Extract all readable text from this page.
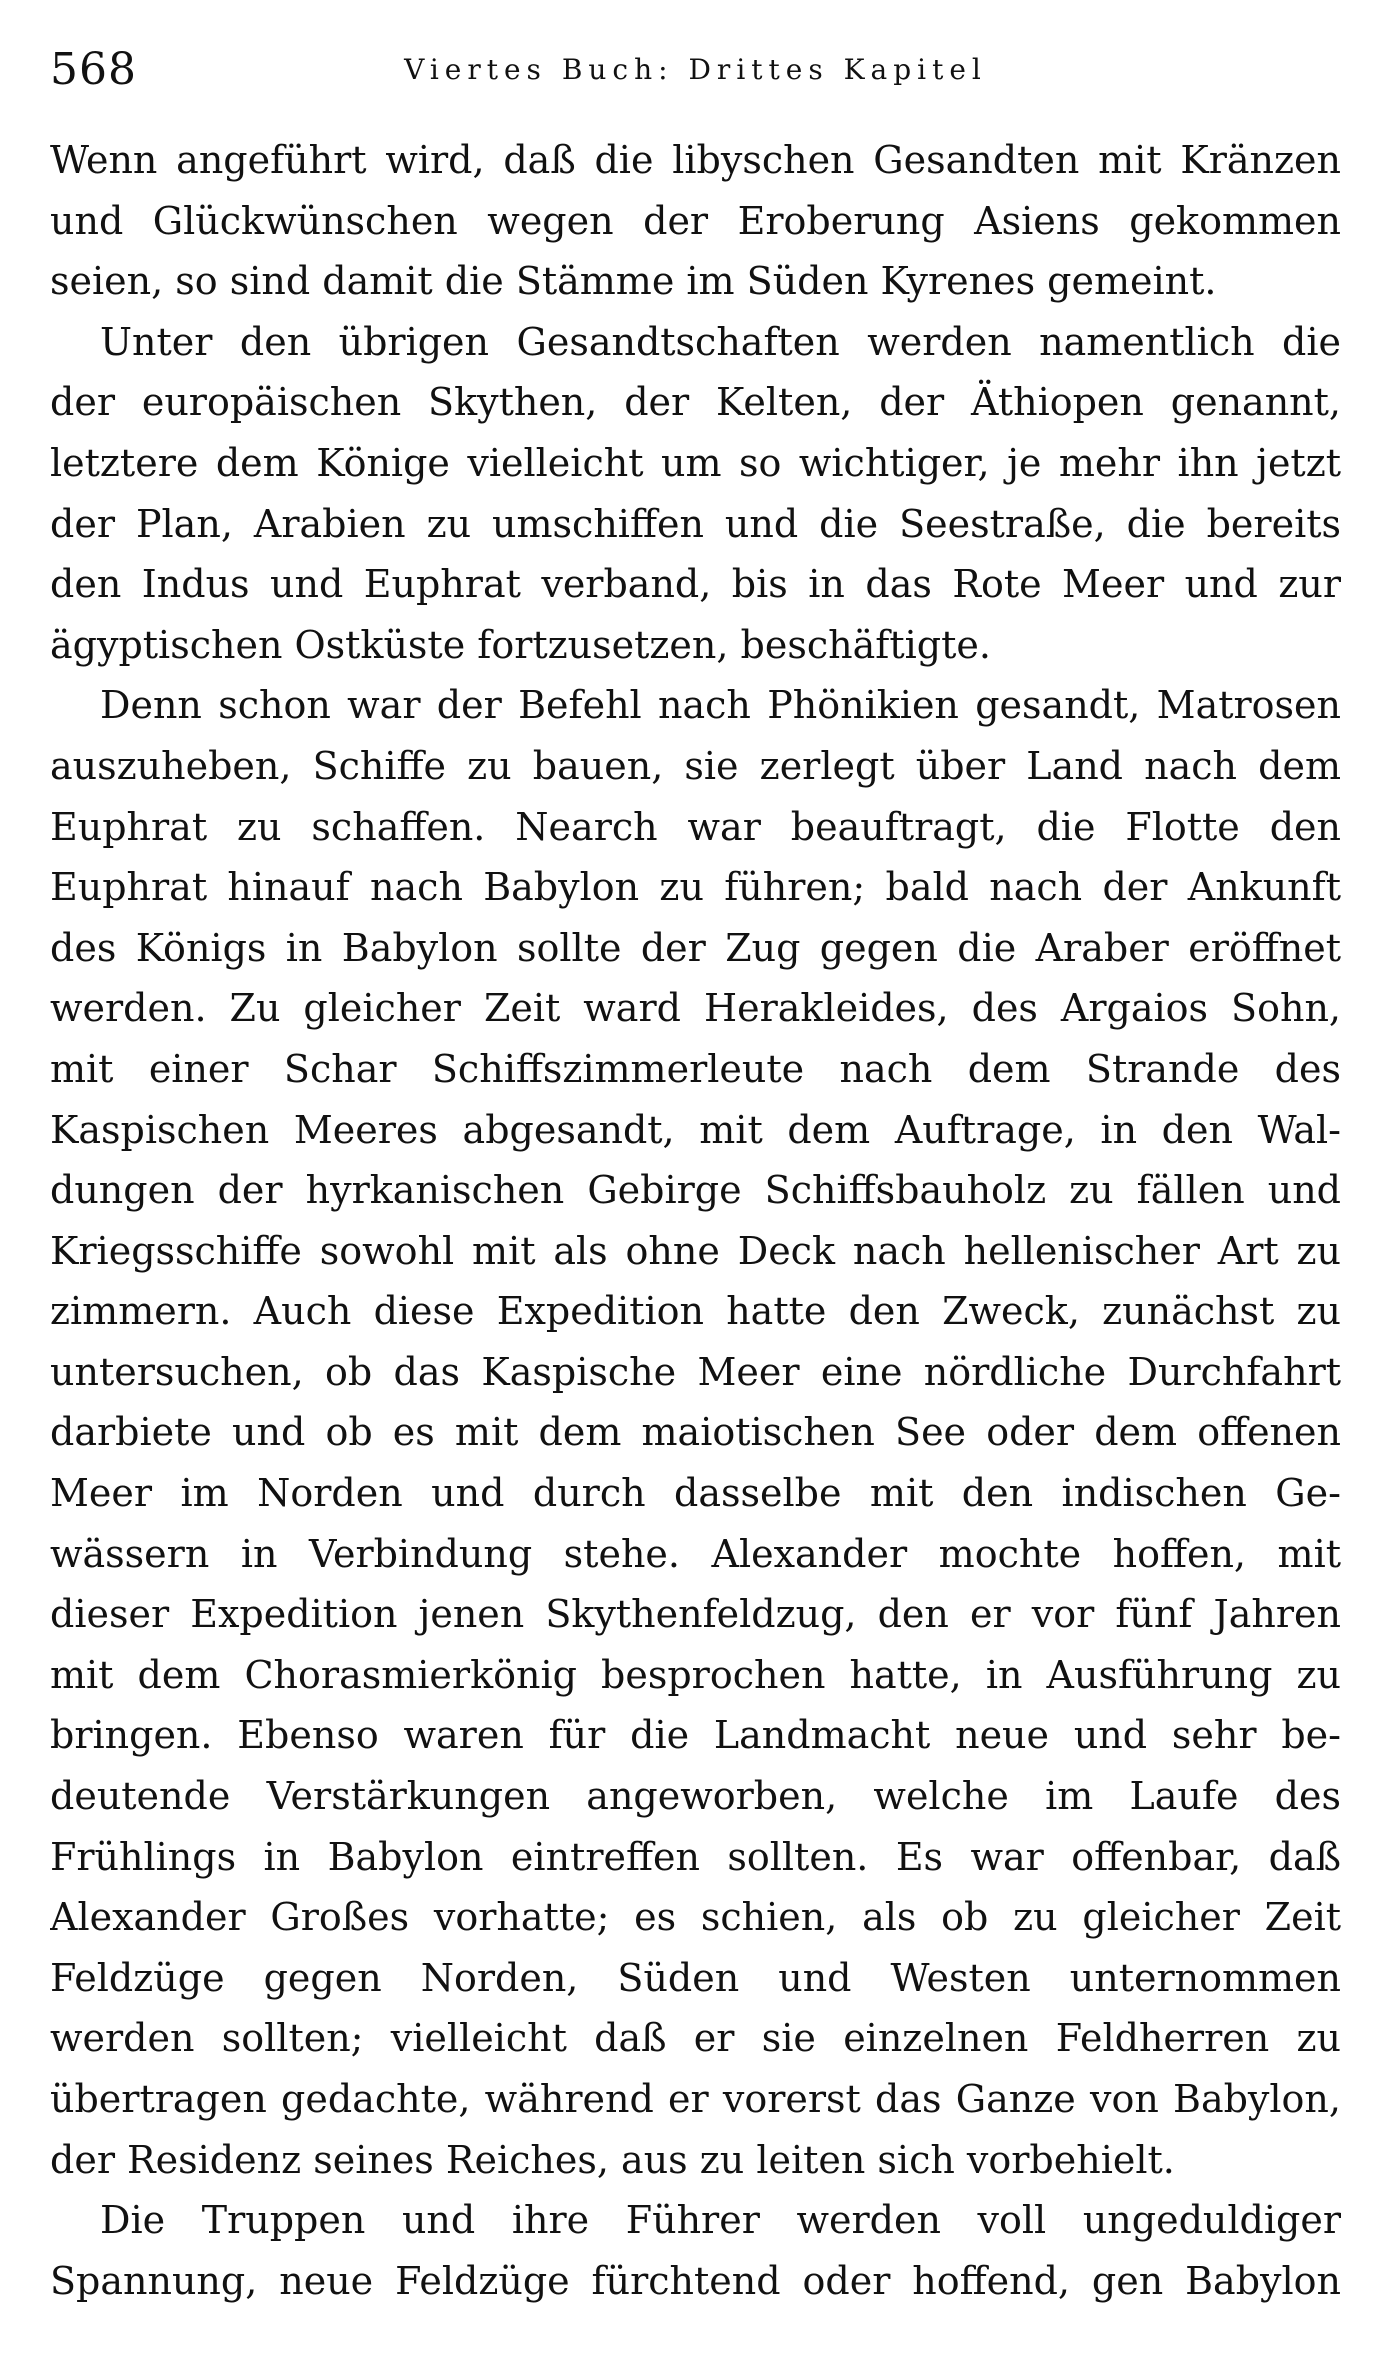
568	Viertes Buch: Drittes Kapitel
Wenn angeführt wird, daß die libyschen Gesandten mit Kränzen
und Glückwünschen wegen der Eroberung Asiens gekommen
seien, so sind damit die Stämme im Süden Kyrenes gemeint.
Unter den übrigen Gesandtschaften werden namentlich die
der europäischen Skythen, der Kelten, der Äthiopen genannt,
letztere dem Könige vielleicht um so wichtiger, je mehr ihn jetzt
der Plan, Arabien zu umschiffen und die Seestraße, die bereits
den Indus und Euphrat verband, bis in das Rote Meer und zur
ägyptischen Ostküste fortzusetzen, beschäftigte.
Denn schon war der Befehl nach Phönikien gesandt, Matrosen
auszuheben, Schiffe zu bauen, sie zerlegt über Land nach dem
Euphrat zu schaffen. Nearch war beauftragt, die Flotte den
Euphrat hinauf nach Babylon zu führen; bald nach der Ankunft
des Königs in Babylon sollte der Zug gegen die Araber eröffnet
werden. Zu gleicher Zeit ward Herakleides, des Argaios Sohn,
mit einer Schar Schiffszimmerleute nach dem Strande des
Kaspischen Meeres abgesandt, mit dem Auftrage, in den Wal-
dungen der hyrkanischen Gebirge Schiffsbauholz zu fällen und
Kriegsschiffe sowohl mit als ohne Deck nach hellenischer Art zu
zimmern. Auch diese Expedition hatte den Zweck, zunächst zu
untersuchen, ob das Kaspische Meer eine nördliche Durchfahrt
darbiete und ob es mit dem maiotischen See oder dem offenen
Meer im Norden und durch dasselbe mit den indischen Ge-
wässern in Verbindung stehe. Alexander mochte hoffen, mit
dieser Expedition jenen Skythenfeldzug, den er vor fünf Jahren
mit dem Chorasmierkönig besprochen hatte, in Ausführung zu
bringen. Ebenso waren für die Landmacht neue und sehr be-
deutende Verstärkungen angeworben, welche im Laufe des
Frühlings in Babylon eintreffen sollten. Es war offenbar, daß
Alexander Großes vorhatte; es schien, als ob zu gleicher Zeit
Feldzüge gegen Norden, Süden und Westen unternommen
werden sollten; vielleicht daß er sie einzelnen Feldherren zu
übertragen gedachte, während er vorerst das Ganze von Babylon,
der Residenz seines Reiches, aus zu leiten sich vorbehielt.
Die Truppen und ihre Führer werden voll ungeduldiger
Spannung, neue Feldzüge fürchtend oder hoffend, gen Babylon
